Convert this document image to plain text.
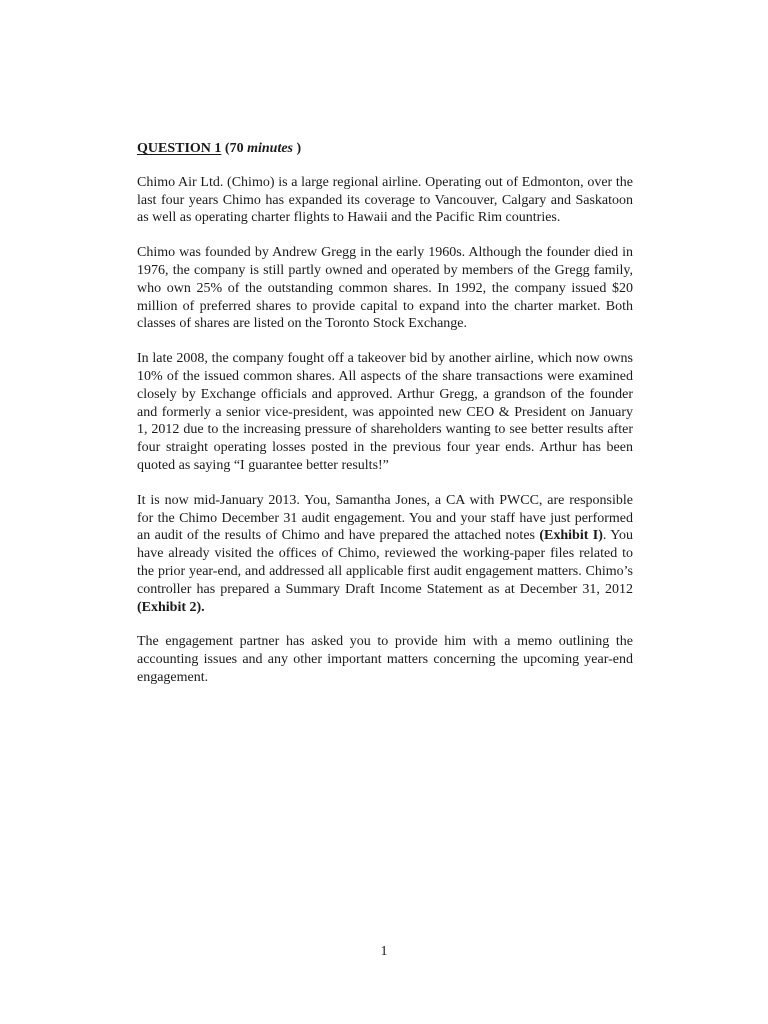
QUESTION 1 (70 minutes )

Chimo Air Ltd. (Chimo) is a large regional airline. Operating out of Edmonton, over the last four years Chimo has expanded its coverage to Vancouver, Calgary and Saskatoon as well as operating charter flights to Hawaii and the Pacific Rim countries.

Chimo was founded by Andrew Gregg in the early 1960s. Although the founder died in 1976, the company is still partly owned and operated by members of the Gregg family, who own 25% of the outstanding common shares. In 1992, the company issued $20 million of preferred shares to provide capital to expand into the charter market. Both classes of shares are listed on the Toronto Stock Exchange.

In late 2008, the company fought off a takeover bid by another airline, which now owns 10% of the issued common shares. All aspects of the share transactions were examined closely by Exchange officials and approved. Arthur Gregg, a grandson of the founder and formerly a senior vice-president, was appointed new CEO & President on January 1, 2012 due to the increasing pressure of shareholders wanting to see better results after four straight operating losses posted in the previous four year ends. Arthur has been quoted as saying “I guarantee better results!”

It is now mid-January 2013. You, Samantha Jones, a CA with PWCC, are responsible for the Chimo December 31 audit engagement. You and your staff have just performed an audit of the results of Chimo and have prepared the attached notes (Exhibit I). You have already visited the offices of Chimo, reviewed the working-paper files related to the prior year-end, and addressed all applicable first audit engagement matters. Chimo’s controller has prepared a Summary Draft Income Statement as at December 31, 2012 (Exhibit 2).

The engagement partner has asked you to provide him with a memo outlining the accounting issues and any other important matters concerning the upcoming year-end engagement.

1
